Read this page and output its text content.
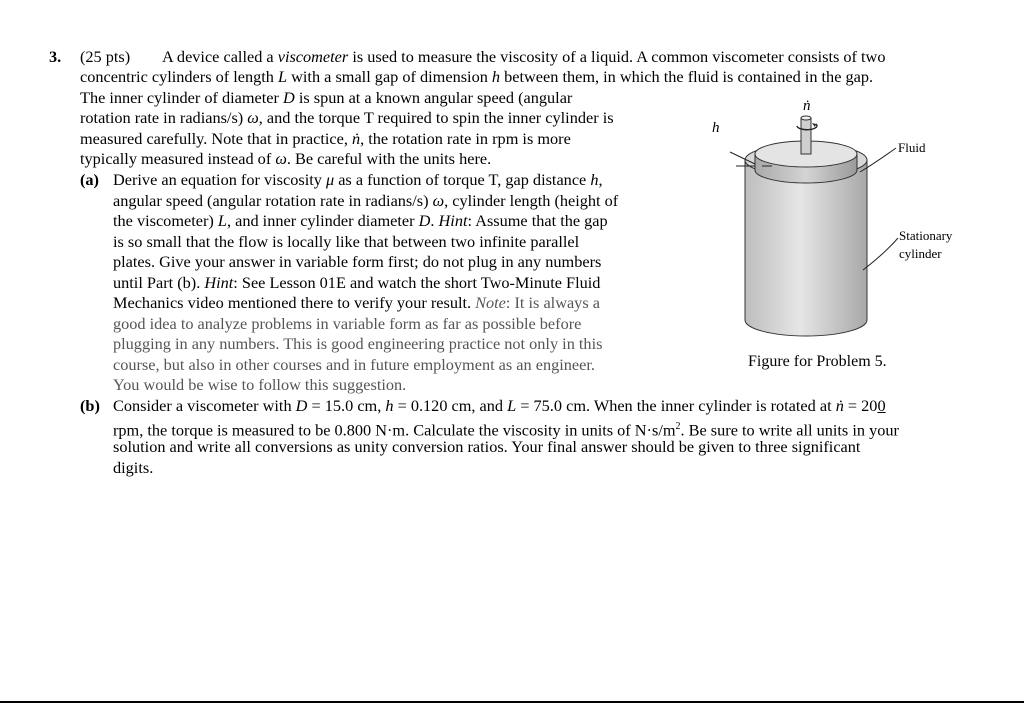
3. (25 pts) A device called a viscometer is used to measure the viscosity of a liquid. A common viscometer consists of two
concentric cylinders of length L with a small gap of dimension h between them, in which the fluid is contained in the gap.
The inner cylinder of diameter D is spun at a known angular speed (angular
rotation rate in radians/s) ω, and the torque T required to spin the inner cylinder is
measured carefully. Note that in practice, ṅ, the rotation rate in rpm is more
typically measured instead of ω. Be careful with the units here.
(a) Derive an equation for viscosity μ as a function of torque T, gap distance h,
angular speed (angular rotation rate in radians/s) ω, cylinder length (height of
the viscometer) L, and inner cylinder diameter D. Hint: Assume that the gap
is so small that the flow is locally like that between two infinite parallel
plates. Give your answer in variable form first; do not plug in any numbers
until Part (b). Hint: See Lesson 01E and watch the short Two-Minute Fluid
Mechanics video mentioned there to verify your result. Note: It is always a
good idea to analyze problems in variable form as far as possible before
plugging in any numbers. This is good engineering practice not only in this
course, but also in other courses and in future employment as an engineer.
You would be wise to follow this suggestion.
(b) Consider a viscometer with D = 15.0 cm, h = 0.120 cm, and L = 75.0 cm. When the inner cylinder is rotated at ṅ = 200
rpm, the torque is measured to be 0.800 N·m. Calculate the viscosity in units of $N\cdot s/m^2$. Be sure to write all units in your
solution and write all conversions as unity conversion ratios. Your final answer should be given to three significant
digits.
ṅ
h
Fluid
Stationary
cylinder
Figure for Problem 5.
